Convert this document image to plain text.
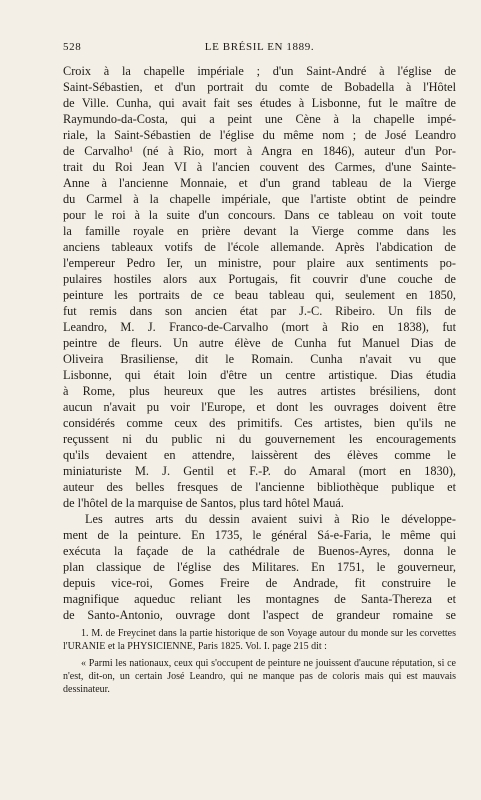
528	LE BRÉSIL EN 1889.

Croix à la chapelle impériale ; d'un Saint-André à l'église de
Saint-Sébastien, et d'un portrait du comte de Bobadella à l'Hôtel
de Ville. Cunha, qui avait fait ses études à Lisbonne, fut le maître de
Raymundo-da-Costa, qui a peint une Cène à la chapelle impé-
riale, la Saint-Sébastien de l'église du même nom ; de José Leandro
de Carvalho¹ (né à Rio, mort à Angra en 1846), auteur d'un Por-
trait du Roi Jean VI à l'ancien couvent des Carmes, d'une Sainte-
Anne à l'ancienne Monnaie, et d'un grand tableau de la Vierge
du Carmel à la chapelle impériale, que l'artiste obtint de peindre
pour le roi à la suite d'un concours. Dans ce tableau on voit toute
la famille royale en prière devant la Vierge comme dans les
anciens tableaux votifs de l'école allemande. Après l'abdication de
l'empereur Pedro Ier, un ministre, pour plaire aux sentiments po-
pulaires hostiles alors aux Portugais, fit couvrir d'une couche de
peinture les portraits de ce beau tableau qui, seulement en 1850,
fut remis dans son ancien état par J.-C. Ribeiro. Un fils de
Leandro, M. J. Franco-de-Carvalho (mort à Rio en 1838), fut
peintre de fleurs. Un autre élève de Cunha fut Manuel Dias de
Oliveira Brasiliense, dit le Romain. Cunha n'avait vu que
Lisbonne, qui était loin d'être un centre artistique. Dias étudia
à Rome, plus heureux que les autres artistes brésiliens, dont
aucun n'avait pu voir l'Europe, et dont les ouvrages doivent être
considérés comme ceux des primitifs. Ces artistes, bien qu'ils ne
reçussent ni du public ni du gouvernement les encouragements
qu'ils devaient en attendre, laissèrent des élèves comme le
miniaturiste M. J. Gentil et F.-P. do Amaral (mort en 1830),
auteur des belles fresques de l'ancienne bibliothèque publique et
de l'hôtel de la marquise de Santos, plus tard hôtel Mauá.

Les autres arts du dessin avaient suivi à Rio le développe-
ment de la peinture. En 1735, le général Sá-e-Faria, le même qui
exécuta la façade de la cathédrale de Buenos-Ayres, donna le
plan classique de l'église des Militares. En 1751, le gouverneur,
depuis vice-roi, Gomes Freire de Andrade, fit construire le
magnifique aqueduc reliant les montagnes de Santa-Thereza et
de Santo-Antonio, ouvrage dont l'aspect de grandeur romaine se

1. M. de Freycinet dans la partie historique de son Voyage autour du monde sur les corvettes l'URANIE et la PHYSICIENNE, Paris 1825. Vol. I. page 215 dit :

« Parmi les nationaux, ceux qui s'occupent de peinture ne jouissent d'aucune réputation, si ce n'est, dit-on, un certain José Leandro, qui ne manque pas de coloris mais qui est mauvais dessinateur.
